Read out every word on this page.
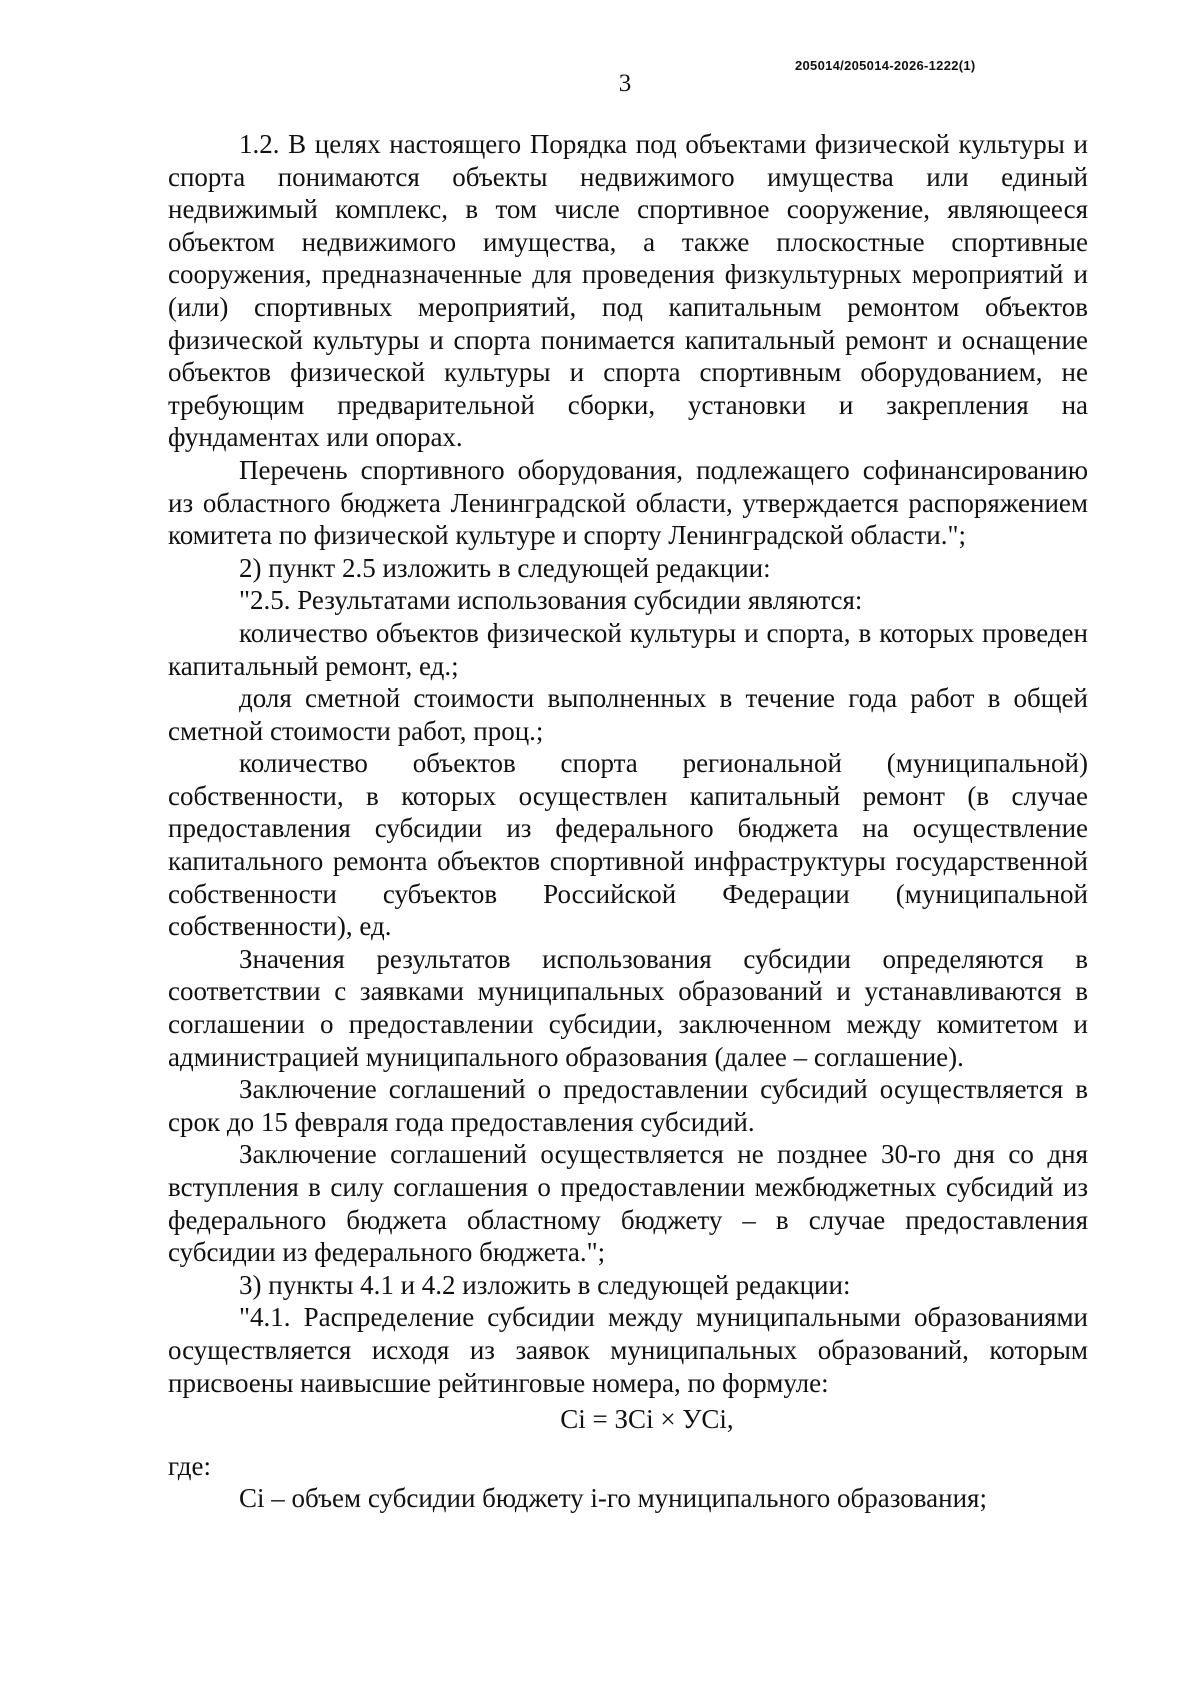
205014/205014-2026-1222(1)
3

1.2. В целях настоящего Порядка под объектами физической культуры и спорта понимаются объекты недвижимого имущества или единый недвижимый комплекс, в том числе спортивное сооружение, являющееся объектом недвижимого имущества, а также плоскостные спортивные сооружения, предназначенные для проведения физкультурных мероприятий и (или) спортивных мероприятий, под капитальным ремонтом объектов физической культуры и спорта понимается капитальный ремонт и оснащение объектов физической культуры и спорта спортивным оборудованием, не требующим предварительной сборки, установки и закрепления на фундаментах или опорах.

Перечень спортивного оборудования, подлежащего софинансированию из областного бюджета Ленинградской области, утверждается распоряжением комитета по физической культуре и спорту Ленинградской области.";

2) пункт 2.5 изложить в следующей редакции:

"2.5. Результатами использования субсидии являются:

количество объектов физической культуры и спорта, в которых проведен капитальный ремонт, ед.;

доля сметной стоимости выполненных в течение года работ в общей сметной стоимости работ, проц.;

количество объектов спорта региональной (муниципальной) собственности, в которых осуществлен капитальный ремонт (в случае предоставления субсидии из федерального бюджета на осуществление капитального ремонта объектов спортивной инфраструктуры государственной собственности субъектов Российской Федерации (муниципальной собственности), ед.

Значения результатов использования субсидии определяются в соответствии с заявками муниципальных образований и устанавливаются в соглашении о предоставлении субсидии, заключенном между комитетом и администрацией муниципального образования (далее – соглашение).

Заключение соглашений о предоставлении субсидий осуществляется в срок до 15 февраля года предоставления субсидий.

Заключение соглашений осуществляется не позднее 30-го дня со дня вступления в силу соглашения о предоставлении межбюджетных субсидий из федерального бюджета областному бюджету – в случае предоставления субсидии из федерального бюджета.";

3) пункты 4.1 и 4.2 изложить в следующей редакции:

"4.1. Распределение субсидии между муниципальными образованиями осуществляется исходя из заявок муниципальных образований, которым присвоены наивысшие рейтинговые номера, по формуле:

Ci = ЗCi × УCi,

где:

Ci – объем субсидии бюджету i-го муниципального образования;
